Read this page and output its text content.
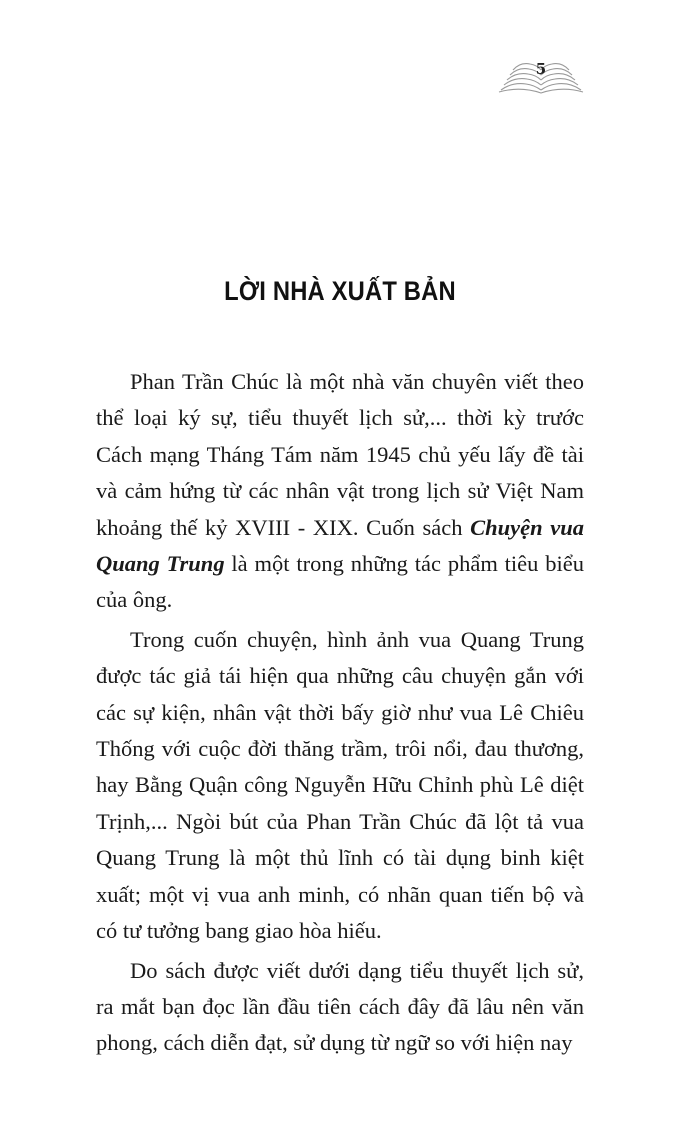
5
LỜI NHÀ XUẤT BẢN

Phan Trần Chúc là một nhà văn chuyên viết theo thể loại ký sự, tiểu thuyết lịch sử,... thời kỳ trước Cách mạng Tháng Tám năm 1945 chủ yếu lấy đề tài và cảm hứng từ các nhân vật trong lịch sử Việt Nam khoảng thế kỷ XVIII - XIX. Cuốn sách Chuyện vua Quang Trung là một trong những tác phẩm tiêu biểu của ông.

Trong cuốn chuyện, hình ảnh vua Quang Trung được tác giả tái hiện qua những câu chuyện gắn với các sự kiện, nhân vật thời bấy giờ như vua Lê Chiêu Thống với cuộc đời thăng trầm, trôi nổi, đau thương, hay Bằng Quận công Nguyễn Hữu Chỉnh phù Lê diệt Trịnh,... Ngòi bút của Phan Trần Chúc đã lột tả vua Quang Trung là một thủ lĩnh có tài dụng binh kiệt xuất; một vị vua anh minh, có nhãn quan tiến bộ và có tư tưởng bang giao hòa hiếu.

Do sách được viết dưới dạng tiểu thuyết lịch sử, ra mắt bạn đọc lần đầu tiên cách đây đã lâu nên văn phong, cách diễn đạt, sử dụng từ ngữ so với hiện nay
